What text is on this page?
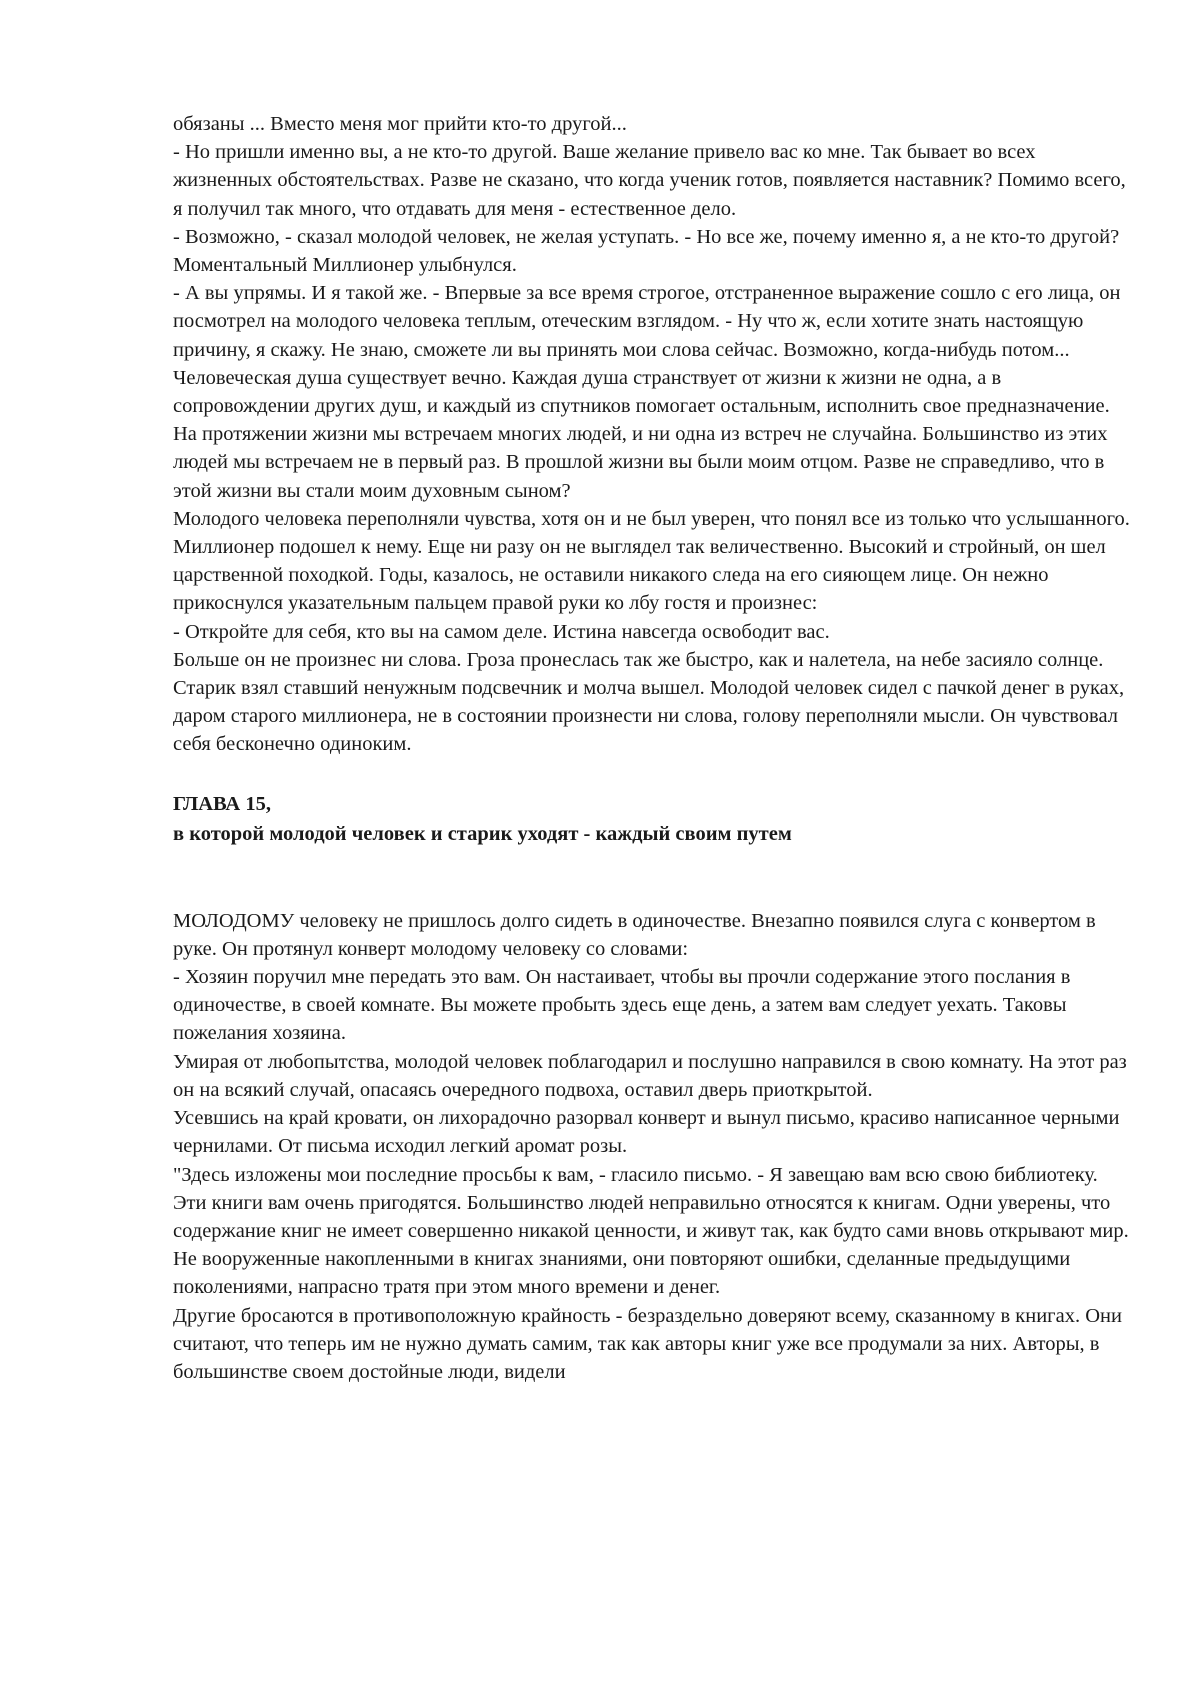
обязаны ... Вместо меня мог прийти кто-то другой...

- Но пришли именно вы, а не кто-то другой. Ваше желание привело вас ко мне. Так бывает во всех жизненных обстоятельствах. Разве не сказано, что когда ученик готов, появляется наставник? Помимо всего, я получил так много, что отдавать для меня - естественное дело.

- Возможно, - сказал молодой человек, не желая уступать. - Но все же, почему именно я, а не кто-то другой?

Моментальный Миллионер улыбнулся.

- А вы упрямы. И я такой же. - Впервые за все время строгое, отстраненное выражение сошло с его лица, он посмотрел на молодого человека теплым, отеческим взглядом. - Ну что ж, если хотите знать настоящую причину, я скажу. Не знаю, сможете ли вы принять мои слова сейчас. Возможно, когда-нибудь потом... Человеческая душа существует вечно. Каждая душа странствует от жизни к жизни не одна, а в сопровождении других душ, и каждый из спутников помогает остальным, исполнить свое предназначение. На протяжении жизни мы встречаем многих людей, и ни одна из встреч не случайна. Большинство из этих людей мы встречаем не в первый раз. В прошлой жизни вы были моим отцом. Разве не справедливо, что в этой жизни вы стали моим духовным сыном?

Молодого человека переполняли чувства, хотя он и не был уверен, что понял все из только что услышанного. Миллионер подошел к нему. Еще ни разу он не выглядел так величественно. Высокий и стройный, он шел царственной походкой. Годы, казалось, не оставили никакого следа на его сияющем лице. Он нежно прикоснулся указательным пальцем правой руки ко лбу гостя и произнес:

- Откройте для себя, кто вы на самом деле. Истина навсегда освободит вас.

Больше он не произнес ни слова. Гроза пронеслась так же быстро, как и налетела, на небе засияло солнце. Старик взял ставший ненужным подсвечник и молча вышел. Молодой человек сидел с пачкой денег в руках, даром старого миллионера, не в состоянии произнести ни слова, голову переполняли мысли. Он чувствовал себя бесконечно одиноким.

ГЛАВА 15,
в которой молодой человек и старик уходят - каждый своим путем

МОЛОДОМУ человеку не пришлось долго сидеть в одиночестве. Внезапно появился слуга с конвертом в руке. Он протянул конверт молодому человеку со словами:

- Хозяин поручил мне передать это вам. Он настаивает, чтобы вы прочли содержание этого послания в одиночестве, в своей комнате. Вы можете пробыть здесь еще день, а затем вам следует уехать. Таковы пожелания хозяина.

Умирая от любопытства, молодой человек поблагодарил и послушно направился в свою комнату. На этот раз он на всякий случай, опасаясь очередного подвоха, оставил дверь приоткрытой.

Усевшись на край кровати, он лихорадочно разорвал конверт и вынул письмо, красиво написанное черными чернилами. От письма исходил легкий аромат розы.

"Здесь изложены мои последние просьбы к вам, - гласило письмо. - Я завещаю вам всю свою библиотеку. Эти книги вам очень пригодятся. Большинство людей неправильно относятся к книгам. Одни уверены, что содержание книг не имеет совершенно никакой ценности, и живут так, как будто сами вновь открывают мир. Не вооруженные накопленными в книгах знаниями, они повторяют ошибки, сделанные предыдущими поколениями, напрасно тратя при этом много времени и денег.

Другие бросаются в противоположную крайность - безраздельно доверяют всему, сказанному в книгах. Они считают, что теперь им не нужно думать самим, так как авторы книг уже все продумали за них. Авторы, в большинстве своем достойные люди, видели
